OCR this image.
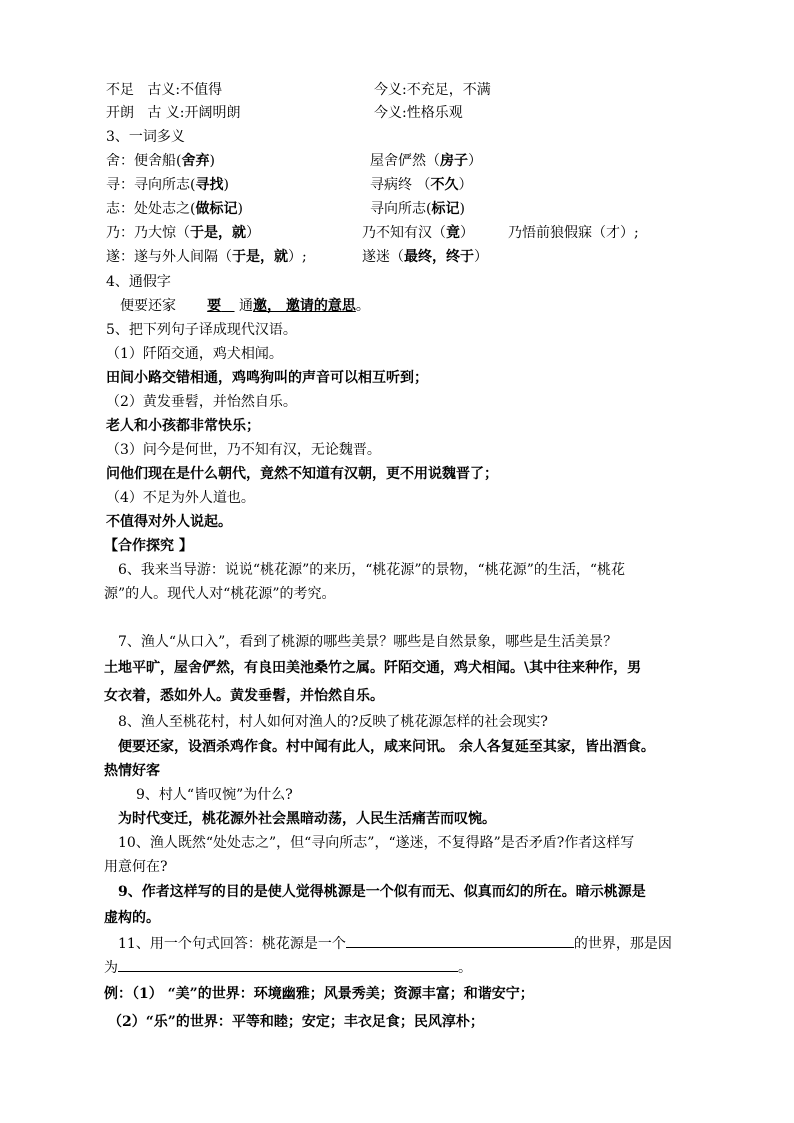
不足 古义:不值得	今义:不充足，不满
开朗 古 义:开阔明朗	今义:性格乐观
3、一词多义
舍：便舍船(舍弃)	屋舍俨然（房子）
寻：寻向所志(寻找)	寻病终 （不久）
志：处处志之(做标记)	寻向所志(标记)
乃：乃大惊（于是，就）	乃不知有汉（竟） 乃悟前狼假寐（才）;
遂：遂与外人间隔（于是，就）;	遂迷（最终，终于）
4、通假字
便要还家 要    通邀， 邀请的意思。
5、把下列句子译成现代汉语。
（1）阡陌交通，鸡犬相闻。
田间小路交错相通，鸡鸣狗叫的声音可以相互听到；
（2）黄发垂髫，并怡然自乐。
老人和小孩都非常快乐；
（3）问今是何世，乃不知有汉，无论魏晋。
问他们现在是什么朝代，竟然不知道有汉朝，更不用说魏晋了；
（4）不足为外人道也。
不值得对外人说起。
【合作探究 】
6、我来当导游：说说“桃花源”的来历，“桃花源”的景物，“桃花源”的生活，“桃花
源”的人。现代人对“桃花源”的考究。
7、渔人“从口入”，看到了桃源的哪些美景？哪些是自然景象，哪些是生活美景？
土地平旷，屋舍俨然，有良田美池桑竹之属。阡陌交通，鸡犬相闻。\其中往来种作，男
女衣着，悉如外人。黄发垂髫，并怡然自乐。
8、渔人至桃花村，村人如何对渔人的?反映了桃花源怎样的社会现实?
便要还家，设酒杀鸡作食。村中闻有此人，咸来问讯。 余人各复延至其家，皆出酒食。
热情好客
9、村人“皆叹惋”为什么?
为时代变迁，桃花源外社会黑暗动荡，人民生活痛苦而叹惋。
10、渔人既然“处处志之”，但“寻向所志”，“遂迷，不复得路”是否矛盾?作者这样写
用意何在?
9、作者这样写的目的是使人觉得桃源是一个似有而无、似真而幻的所在。暗示桃源是
虚构的。
11、用一个句式回答：桃花源是一个	的世界，那是因
为	。
例：（1） “美”的世界：环境幽雅；风景秀美；资源丰富；和谐安宁；
（2）“乐”的世界：平等和睦；安定；丰衣足食；民风淳朴；
